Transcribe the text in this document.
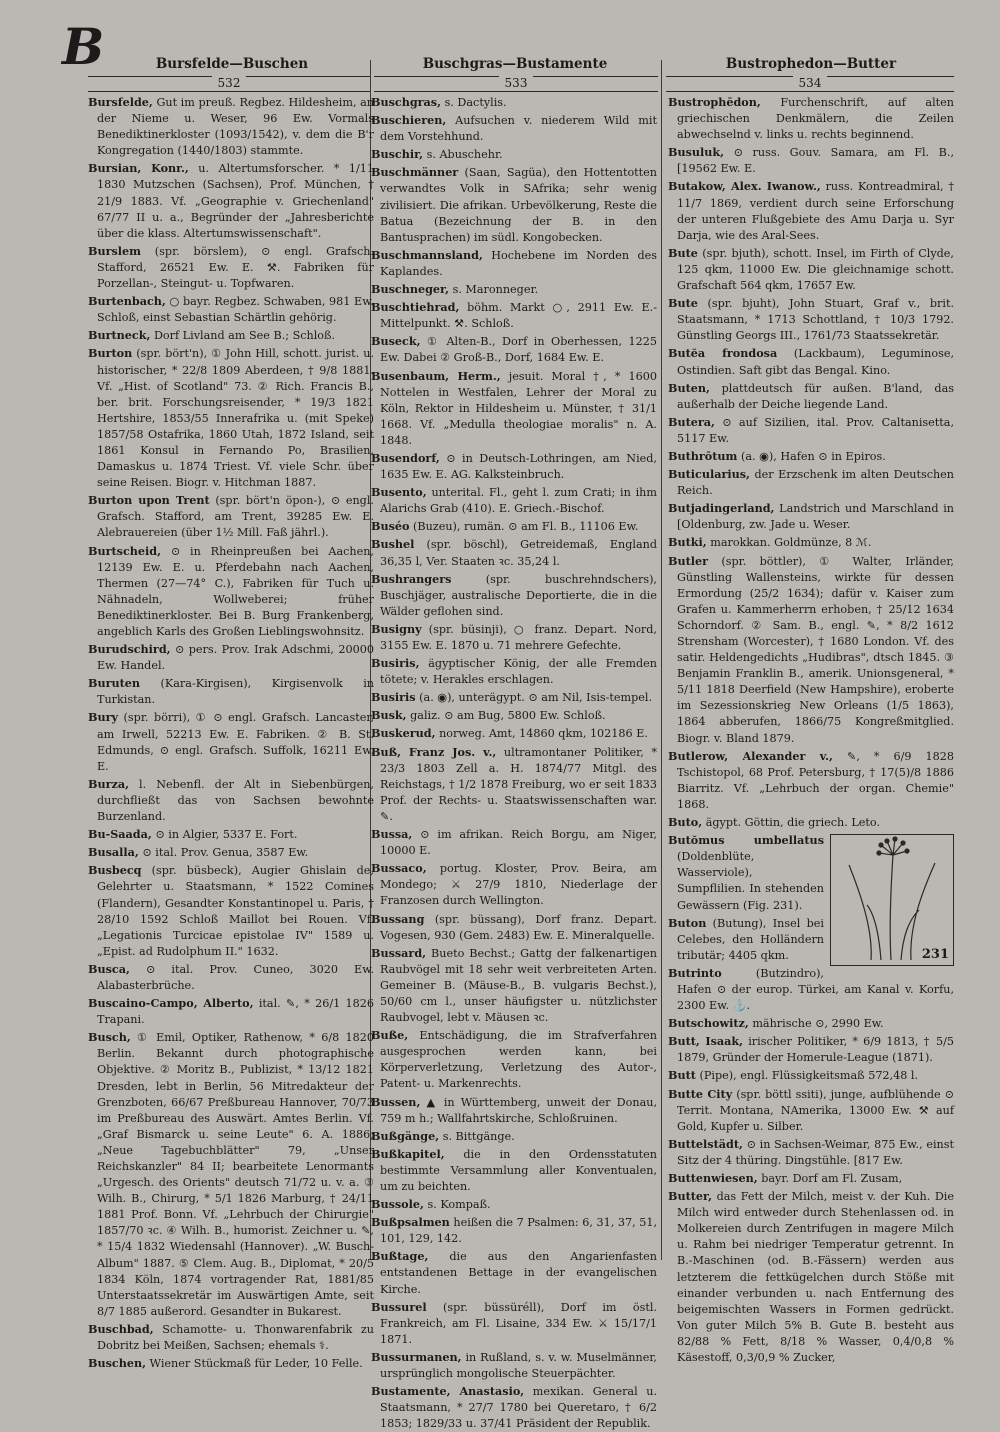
B	Bursfelde—Buschen	Buschgras—Bustamente	Bustrophedon—Butter
532	533	534
Bursfelde, Gut im preuß. Regbez. Hildesheim, an der Nieme u. Weser, 96 Ew. Vormals Benediktinerkloster (1093/1542), v. dem die B'r Kongregation (1440/1803) stammte.
Bursian, Konr., u. Altertumsforscher. * 1/11 1830 Mutzschen (Sachsen), Prof. München, † 21/9 1883. Vf. „Geographie v. Griechenland" 67/77 II u. a., Begründer der „Jahresberichte über die klass. Altertumswissenschaft".
Burslem (spr. börslem), ⊙ engl. Grafsch. Stafford, 26521 Ew. E. ⚒. Fabriken für Porzellan-, Steingut- u. Topfwaren.
Burtenbach, ○ bayr. Regbez. Schwaben, 981 Ew. Schloß, einst Sebastian Schärtlin gehörig.
Burtneck, Dorf Livland am See B.; Schloß.
Burton (spr. bört'n), ① John Hill, schott. jurist. u. historischer, * 22/8 1809 Aberdeen, † 9/8 1881. Vf. „Hist. of Scotland" 73. ② Rich. Francis B., ber. brit. Forschungsreisender, * 19/3 1821 Hertshire, 1853/55 Innerafrika u. (mit Speke) 1857/58 Ostafrika, 1860 Utah, 1872 Island, seit 1861 Konsul in Fernando Po, Brasilien, Damaskus u. 1874 Triest. Vf. viele Schr. über seine Reisen. Biogr. v. Hitchman 1887.
Burton upon Trent (spr. bört'n öpon-), ⊙ engl. Grafsch. Stafford, am Trent, 39285 Ew. E. Alebrauereien (über 1½ Mill. Faß jährl.).
Burtscheid, ⊙ in Rheinpreußen bei Aachen, 12139 Ew. E. u. Pferdebahn nach Aachen, Thermen (27—74° C.), Fabriken für Tuch u. Nähnadeln, Wollweberei; früher Benediktinerkloster. Bei B. Burg Frankenberg, angeblich Karls des Großen Lieblingswohnsitz.
Burudschird, ⊙ pers. Prov. Irak Adschmi, 20000 Ew. Handel.
Buruten (Kara-Kirgisen), Kirgisenvolk in Turkistan.
Bury (spr. börri), ① ⊙ engl. Grafsch. Lancaster, am Irwell, 52213 Ew. E. Fabriken. ② B. St. Edmunds, ⊙ engl. Grafsch. Suffolk, 16211 Ew. E.
Burza, l. Nebenfl. der Alt in Siebenbürgen, durchfließt das von Sachsen bewohnte Burzenland.
Bu-Saada, ⊙ in Algier, 5337 E. Fort.
Busalla, ⊙ ital. Prov. Genua, 3587 Ew.
Busbecq (spr. büsbeck), Augier Ghislain de, Gelehrter u. Staatsmann, * 1522 Comines (Flandern), Gesandter Konstantinopel u. Paris, † 28/10 1592 Schloß Maillot bei Rouen. Vf. „Legationis Turcicae epistolae IV" 1589 u. „Epist. ad Rudolphum II." 1632.
Busca, ⊙ ital. Prov. Cuneo, 3020 Ew. Alabasterbrüche.
Buscaino-Campo, Alberto, ital. ✎, * 26/1 1826 Trapani.
Busch, ① Emil, Optiker, Rathenow, * 6/8 1820 Berlin. Bekannt durch photographische Objektive. ② Moritz B., Publizist, * 13/12 1821 Dresden, lebt in Berlin, 56 Mitredakteur der Grenzboten, 66/67 Preßbureau Hannover, 70/73 im Preßbureau des Auswärt. Amtes Berlin. Vf. „Graf Bismarck u. seine Leute" 6. A. 1886; „Neue Tagebuchblätter" 79, „Unser Reichskanzler" 84 II; bearbeitete Lenormants „Urgesch. des Orients" deutsch 71/72 u. v. a. ③ Wilh. B., Chirurg, * 5/1 1826 Marburg, † 24/11 1881 Prof. Bonn. Vf. „Lehrbuch der Chirurgie" 1857/70 ꝛc. ④ Wilh. B., humorist. Zeichner u. ✎, * 15/4 1832 Wiedensahl (Hannover). „W. Busch-Album" 1887. ⑤ Clem. Aug. B., Diplomat, * 20/5 1834 Köln, 1874 vortragender Rat, 1881/85 Unterstaatssekretär im Auswärtigen Amte, seit 8/7 1885 außerord. Gesandter in Bukarest.
Buschbad, Schamotte- u. Thonwarenfabrik zu Dobritz bei Meißen, Sachsen; ehemals ⚕.
Buschen, Wiener Stückmaß für Leder, 10 Felle.
Buschgras, s. Dactylis.
Buschieren, Aufsuchen v. niederem Wild mit dem Vorstehhund.
Buschir, s. Abuschehr.
Buschmänner (Saan, Sagüa), den Hottentotten verwandtes Volk in SAfrika; sehr wenig zivilisiert. Die afrikan. Urbevölkerung, Reste die Batua (Bezeichnung der B. in den Bantusprachen) im südl. Kongobecken.
Buschmannsland, Hochebene im Norden des Kaplandes.
Buschneger, s. Maronneger.
Buschtiehrad, böhm. Markt ○, 2911 Ew. E.-Mittelpunkt. ⚒. Schloß.
Buseck, ① Alten-B., Dorf in Oberhessen, 1225 Ew. Dabei ② Groß-B., Dorf, 1684 Ew. E.
Busenbaum, Herm., jesuit. Moral †, * 1600 Nottelen in Westfalen, Lehrer der Moral zu Köln, Rektor in Hildesheim u. Münster, † 31/1 1668. Vf. „Medulla theologiae moralis" n. A. 1848.
Busendorf, ⊙ in Deutsch-Lothringen, am Nied, 1635 Ew. E. AG. Kalksteinbruch.
Busento, unterital. Fl., geht l. zum Crati; in ihm Alarichs Grab (410). E. Griech.-Bischof.
Buséo (Buzeu), rumän. ⊙ am Fl. B., 11106 Ew.
Bushel (spr. böschl), Getreidemaß, England 36,35 l, Ver. Staaten ꝛc. 35,24 l.
Bushrangers	(spr. buschrehndschers), Buschjäger, australische Deportierte, die in die Wälder geflohen sind.
Busigny (spr. büsinji), ○ franz. Depart. Nord, 3155 Ew. E. 1870 u. 71 mehrere Gefechte.
Busiris, ägyptischer König, der alle Fremden tötete; v. Herakles erschlagen.
Busiris (a. ◉), unterägypt. ⊙ am Nil, Isis-tempel.
Busk, galiz. ⊙ am Bug, 5800 Ew. Schloß.
Buskerud, norweg. Amt, 14860 qkm, 102186 E.
Buß, Franz Jos. v., ultramontaner Politiker, * 23/3 1803 Zell a. H. 1874/77 Mitgl. des Reichstags, † 1/2 1878 Freiburg, wo er seit 1833 Prof. der Rechts- u. Staatswissenschaften war. ✎.
Bussa, ⊙ im afrikan. Reich Borgu, am Niger, 10000 E.
Bussaco, portug. Kloster, Prov. Beira, am Mondego; ⚔ 27/9 1810, Niederlage der Franzosen durch Wellington.
Bussang (spr. büssang), Dorf franz. Depart. Vogesen, 930 (Gem. 2483) Ew. E. Mineralquelle.
Bussard, Bueto Bechst.; Gattg der falkenartigen Raubvögel mit 18 sehr weit verbreiteten Arten. Gemeiner B. (Mäuse-B., B. vulgaris Bechst.), 50/60 cm l., unser häufigster u. nützlichster Raubvogel, lebt v. Mäusen ꝛc.
Buße, Entschädigung, die im Strafverfahren ausgesprochen werden kann, bei Körperverletzung, Verletzung des Autor-, Patent- u. Markenrechts.
Bussen, ▲ in Württemberg, unweit der Donau, 759 m h.; Wallfahrtskirche, Schloßruinen.
Bußgänge, s. Bittgänge.
Bußkapitel, die in den Ordensstatuten bestimmte Versammlung aller Konventualen, um zu beichten.
Bussole, s. Kompaß.
Bußpsalmen heißen die 7 Psalmen: 6, 31, 37, 51, 101, 129, 142.
Bußtage, die aus den Angarienfasten entstandenen Bettage in der evangelischen Kirche.
Bussurel (spr. büssüréll), Dorf im östl. Frankreich, am Fl. Lisaine, 334 Ew. ⚔ 15/17/1 1871.
Bussurmanen, in Rußland, s. v. w. Muselmänner, ursprünglich mongolische Steuerpächter.
Bustamente, Anastasio, mexikan. General u. Staatsmann, * 27/7 1780 bei Queretaro, † 6/2 1853; 1829/33 u. 37/41 Präsident der Republik.
Bustrophēdon, Furchenschrift, auf alten griechischen Denkmälern, die Zeilen abwechselnd v. links u. rechts beginnend.
Busuluk, ⊙ russ. Gouv. Samara, am Fl. B., [19562 Ew. E.
Butakow, Alex. Iwanow., russ. Kontreadmiral, † 11/7 1869, verdient durch seine Erforschung der unteren Flußgebiete des Amu Darja u. Syr Darja, wie des Aral-Sees.
Bute (spr. bjuth), schott. Insel, im Firth of Clyde, 125 qkm, 11000 Ew. Die gleichnamige schott. Grafschaft 564 qkm, 17657 Ew.
Bute (spr. bjuht), John Stuart, Graf v., brit. Staatsmann, * 1713 Schottland, † 10/3 1792. Günstling Georgs III., 1761/73 Staatssekretär.
Butĕa frondosa (Lackbaum), Leguminose, Ostindien. Saft gibt das Bengal. Kino.
Buten, plattdeutsch für außen. B'land, das außerhalb der Deiche liegende Land.
Butera, ⊙ auf Sizilien, ital. Prov. Caltanisetta, 5117 Ew.
Buthrōtum (a. ◉), Hafen ⊙ in Epiros.
Buticularius, der Erzschenk im alten Deutschen Reich.
Butjadingerland, Landstrich und Marschland in [Oldenburg, zw. Jade u. Weser.
Butki, marokkan. Goldmünze, 8 ℳ.
Butler (spr. böttler), ① Walter, Irländer, Günstling Wallensteins, wirkte für dessen Ermordung (25/2 1634); dafür v. Kaiser zum Grafen u. Kammerherrn erhoben, † 25/12 1634 Schorndorf. ② Sam. B., engl. ✎, * 8/2 1612 Strensham (Worcester), † 1680 London. Vf. des satir. Heldengedichts „Hudibras", dtsch 1845. ③ Benjamin Franklin B., amerik. Unionsgeneral, * 5/11 1818 Deerfield (New Hampshire), eroberte im Sezessionskrieg New Orleans (1/5 1863), 1864 abberufen, 1866/75 Kongreßmitglied. Biogr. v. Bland 1879.
Butlerow, Alexander v., ✎, * 6/9 1828 Tschistopol, 68 Prof. Petersburg, † 17(5)/8 1886 Biarritz. Vf. „Lehrbuch der organ. Chemie" 1868.
Buto, ägypt. Göttin, die griech. Leto.
231
Butŏmus umbellatus (Doldenblüte, Wasserviole), Sumpflilien. In stehenden Gewässern (Fig. 231).
Buton (Butung), Insel bei Celebes, den Holländern tributär; 4405 qkm.
Butrinto	(Butzindro), Hafen ⊙ der europ. Türkei, am Kanal v. Korfu, 2300 Ew. ⚓.
Butschowitz, mährische ⊙, 2990 Ew.
Butt, Isaak, irischer Politiker, * 6/9 1813, † 5/5 1879, Gründer der Homerule-League (1871).
Butt (Pipe), engl. Flüssigkeitsmaß 572,48 l.
Butte City (spr. böttl ssiti), junge, aufblühende ⊙ Territ. Montana, NAmerika, 13000 Ew. ⚒ auf Gold, Kupfer u. Silber.
Buttelstädt, ⊙ in Sachsen-Weimar, 875 Ew., einst Sitz der 4 thüring. Dingstühle. [817 Ew.
Buttenwiesen, bayr. Dorf am Fl. Zusam,
Butter, das Fett der Milch, meist v. der Kuh. Die Milch wird entweder durch Stehenlassen od. in Molkereien durch Zentrifugen in magere Milch u. Rahm bei niedriger Temperatur getrennt. In B.-Maschinen (od. B.-Fässern) werden aus letzterem die fettkügelchen durch Stöße mit einander verbunden u. nach Entfernung des beigemischten Wassers in Formen gedrückt. Von guter Milch 5% B. Gute B. besteht aus 82/88 % Fett, 8/18 % Wasser, 0,4/0,8 % Käsestoff, 0,3/0,9 % Zucker,
